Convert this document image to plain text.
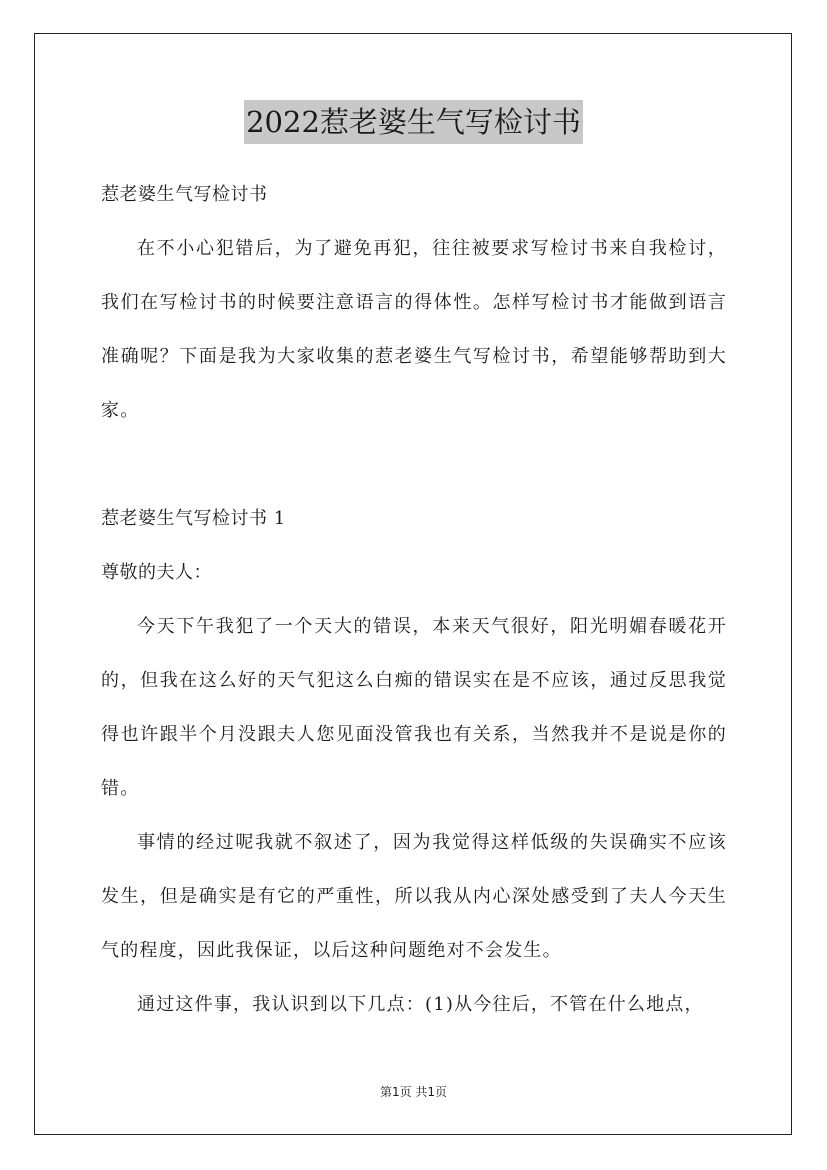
2022惹老婆生气写检讨书

惹老婆生气写检讨书

在不小心犯错后，为了避免再犯，往往被要求写检讨书来自我检讨，我们在写检讨书的时候要注意语言的得体性。怎样写检讨书才能做到语言准确呢？下面是我为大家收集的惹老婆生气写检讨书，希望能够帮助到大家。

惹老婆生气写检讨书 1

尊敬的夫人：

今天下午我犯了一个天大的错误，本来天气很好，阳光明媚春暖花开的，但我在这么好的天气犯这么白痴的错误实在是不应该，通过反思我觉得也许跟半个月没跟夫人您见面没管我也有关系，当然我并不是说是你的错。

事情的经过呢我就不叙述了，因为我觉得这样低级的失误确实不应该发生，但是确实是有它的严重性，所以我从内心深处感受到了夫人今天生气的程度，因此我保证，以后这种问题绝对不会发生。

通过这件事，我认识到以下几点：(1)从今往后，不管在什么地点，

第1页 共1页
